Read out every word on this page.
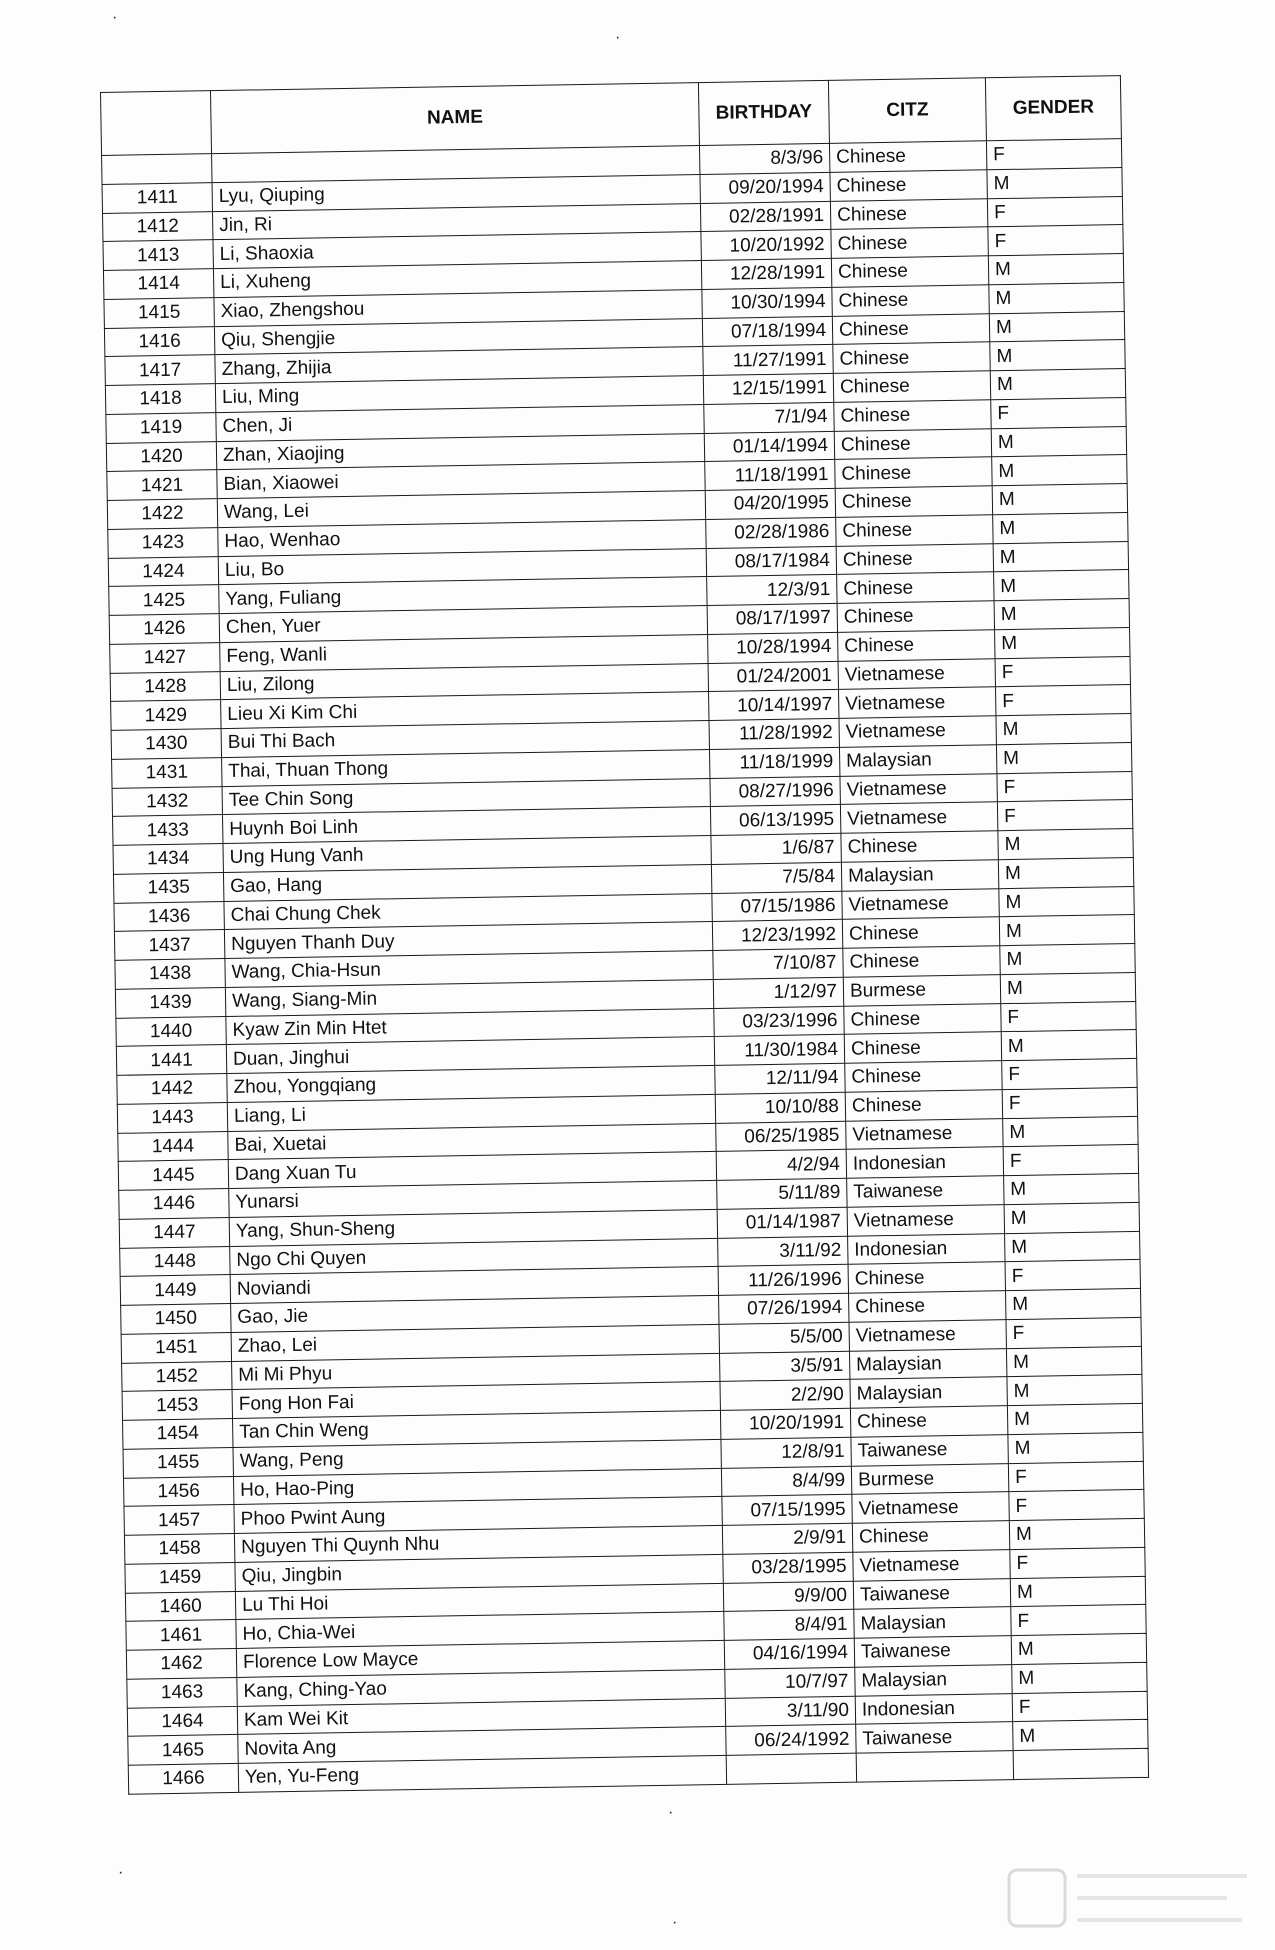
·
·
·
·
·
	NAME	BIRTHDAY	CITZ	GENDER
		8/3/96	Chinese	F
1411	Lyu, Qiuping	09/20/1994	Chinese	M
1412	Jin, Ri	02/28/1991	Chinese	F
1413	Li, Shaoxia	10/20/1992	Chinese	F
1414	Li, Xuheng	12/28/1991	Chinese	M
1415	Xiao, Zhengshou	10/30/1994	Chinese	M
1416	Qiu, Shengjie	07/18/1994	Chinese	M
1417	Zhang, Zhijia	11/27/1991	Chinese	M
1418	Liu, Ming	12/15/1991	Chinese	M
1419	Chen, Ji	7/1/94	Chinese	F
1420	Zhan, Xiaojing	01/14/1994	Chinese	M
1421	Bian, Xiaowei	11/18/1991	Chinese	M
1422	Wang, Lei	04/20/1995	Chinese	M
1423	Hao, Wenhao	02/28/1986	Chinese	M
1424	Liu, Bo	08/17/1984	Chinese	M
1425	Yang, Fuliang	12/3/91	Chinese	M
1426	Chen, Yuer	08/17/1997	Chinese	M
1427	Feng, Wanli	10/28/1994	Chinese	M
1428	Liu, Zilong	01/24/2001	Vietnamese	F
1429	Lieu Xi Kim Chi	10/14/1997	Vietnamese	F
1430	Bui Thi Bach	11/28/1992	Vietnamese	M
1431	Thai, Thuan Thong	11/18/1999	Malaysian	M
1432	Tee Chin Song	08/27/1996	Vietnamese	F
1433	Huynh Boi Linh	06/13/1995	Vietnamese	F
1434	Ung Hung Vanh	1/6/87	Chinese	M
1435	Gao, Hang	7/5/84	Malaysian	M
1436	Chai Chung Chek	07/15/1986	Vietnamese	M
1437	Nguyen Thanh Duy	12/23/1992	Chinese	M
1438	Wang, Chia-Hsun	7/10/87	Chinese	M
1439	Wang, Siang-Min	1/12/97	Burmese	M
1440	Kyaw Zin Min Htet	03/23/1996	Chinese	F
1441	Duan, Jinghui	11/30/1984	Chinese	M
1442	Zhou, Yongqiang	12/11/94	Chinese	F
1443	Liang, Li	10/10/88	Chinese	F
1444	Bai, Xuetai	06/25/1985	Vietnamese	M
1445	Dang Xuan Tu	4/2/94	Indonesian	F
1446	Yunarsi	5/11/89	Taiwanese	M
1447	Yang, Shun-Sheng	01/14/1987	Vietnamese	M
1448	Ngo Chi Quyen	3/11/92	Indonesian	M
1449	Noviandi	11/26/1996	Chinese	F
1450	Gao, Jie	07/26/1994	Chinese	M
1451	Zhao, Lei	5/5/00	Vietnamese	F
1452	Mi Mi Phyu	3/5/91	Malaysian	M
1453	Fong Hon Fai	2/2/90	Malaysian	M
1454	Tan Chin Weng	10/20/1991	Chinese	M
1455	Wang, Peng	12/8/91	Taiwanese	M
1456	Ho, Hao-Ping	8/4/99	Burmese	F
1457	Phoo Pwint Aung	07/15/1995	Vietnamese	F
1458	Nguyen Thi Quynh Nhu	2/9/91	Chinese	M
1459	Qiu, Jingbin	03/28/1995	Vietnamese	F
1460	Lu Thi Hoi	9/9/00	Taiwanese	M
1461	Ho, Chia-Wei	8/4/91	Malaysian	F
1462	Florence Low Mayce	04/16/1994	Taiwanese	M
1463	Kang, Ching-Yao	10/7/97	Malaysian	M
1464	Kam Wei Kit	3/11/90	Indonesian	F
1465	Novita Ang	06/24/1992	Taiwanese	M
1466	Yen, Yu-Feng			
